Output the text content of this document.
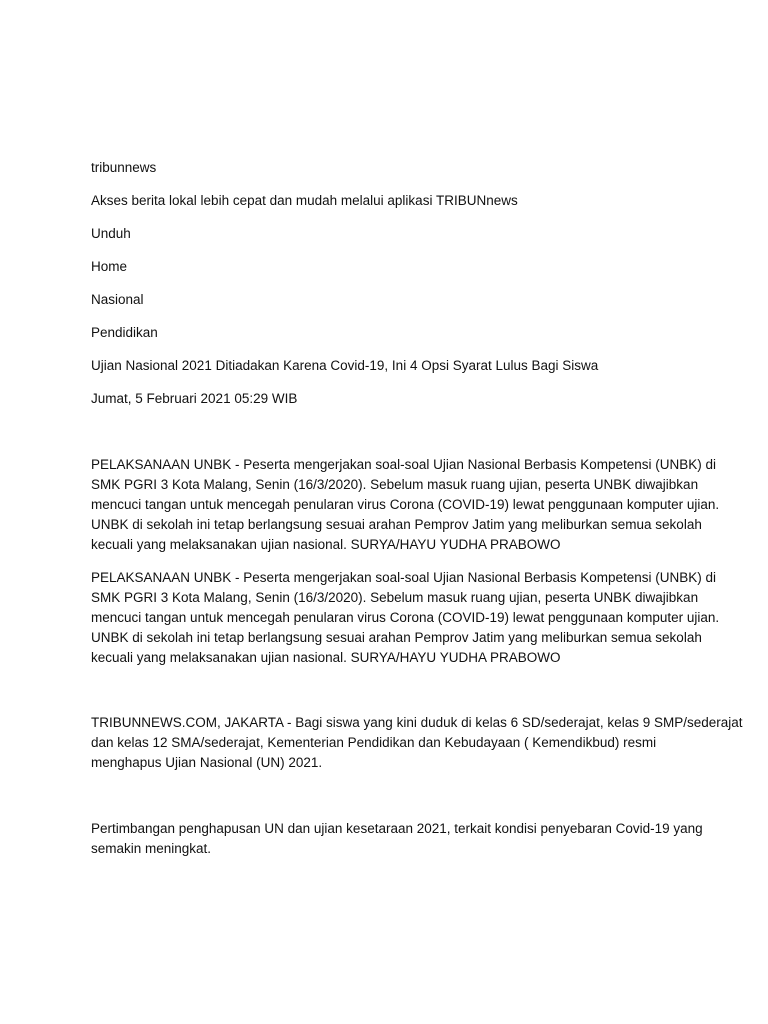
tribunnews
Akses berita lokal lebih cepat dan mudah melalui aplikasi TRIBUNnews
Unduh
Home
Nasional
Pendidikan
Ujian Nasional 2021 Ditiadakan Karena Covid-19, Ini 4 Opsi Syarat Lulus Bagi Siswa
Jumat, 5 Februari 2021 05:29 WIB
PELAKSANAAN UNBK - Peserta mengerjakan soal-soal Ujian Nasional Berbasis Kompetensi (UNBK) di
SMK PGRI 3 Kota Malang, Senin (16/3/2020). Sebelum masuk ruang ujian, peserta UNBK diwajibkan
mencuci tangan untuk mencegah penularan virus Corona (COVID-19) lewat penggunaan komputer ujian.
UNBK di sekolah ini tetap berlangsung sesuai arahan Pemprov Jatim yang meliburkan semua sekolah
kecuali yang melaksanakan ujian nasional. SURYA/HAYU YUDHA PRABOWO
PELAKSANAAN UNBK - Peserta mengerjakan soal-soal Ujian Nasional Berbasis Kompetensi (UNBK) di
SMK PGRI 3 Kota Malang, Senin (16/3/2020). Sebelum masuk ruang ujian, peserta UNBK diwajibkan
mencuci tangan untuk mencegah penularan virus Corona (COVID-19) lewat penggunaan komputer ujian.
UNBK di sekolah ini tetap berlangsung sesuai arahan Pemprov Jatim yang meliburkan semua sekolah
kecuali yang melaksanakan ujian nasional. SURYA/HAYU YUDHA PRABOWO
TRIBUNNEWS.COM, JAKARTA - Bagi siswa yang kini duduk di kelas 6 SD/sederajat, kelas 9 SMP/sederajat
dan kelas 12 SMA/sederajat, Kementerian Pendidikan dan Kebudayaan ( Kemendikbud) resmi
menghapus Ujian Nasional (UN) 2021.
Pertimbangan penghapusan UN dan ujian kesetaraan 2021, terkait kondisi penyebaran Covid-19 yang
semakin meningkat.
